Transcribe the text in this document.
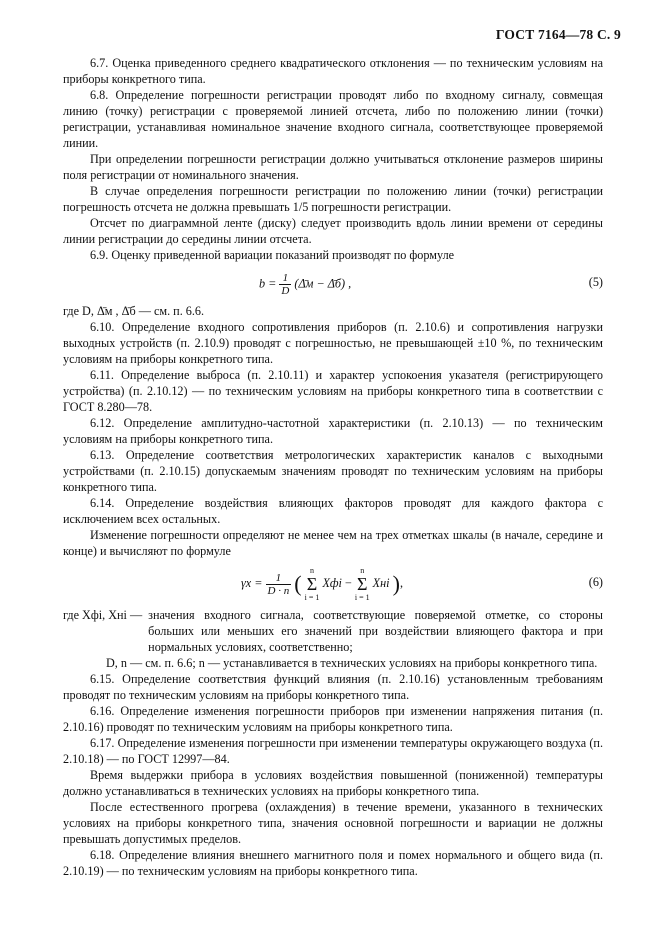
ГОСТ 7164—78 С. 9

6.7. Оценка приведенного среднего квадратического отклонения — по техническим условиям на приборы конкретного типа.

6.8. Определение погрешности регистрации проводят либо по входному сигналу, совмещая линию (точку) регистрации с проверяемой линией отсчета, либо по положению линии (точки) регистрации, устанавливая номинальное значение входного сигнала, соответствующее проверяемой линии.

При определении погрешности регистрации должно учитываться отклонение размеров ширины поля регистрации от номинального значения.

В случае определения погрешности регистрации по положению линии (точки) регистрации погрешность отсчета не должна превышать 1/5 погрешности регистрации.

Отсчет по диаграммной ленте (диску) следует производить вдоль линии времени от середины линии регистрации до середины линии отсчета.

6.9. Оценку приведенной вариации показаний производят по формуле

$b = \frac{1}{D}$ (Δ̄м − Δ̄б) ,	(5)

где D, Δ̄м , Δ̄б — см. п. 6.6.

6.10. Определение входного сопротивления приборов (п. 2.10.6) и сопротивления нагрузки выходных устройств (п. 2.10.9) проводят с погрешностью, не превышающей ±10 %, по техническим условиям на приборы конкретного типа.

6.11. Определение выброса (п. 2.10.11) и характер успокоения указателя (регистрирующего устройства) (п. 2.10.12) — по техническим условиям на приборы конкретного типа в соответствии с ГОСТ 8.280—78.

6.12. Определение амплитудно-частотной характеристики (п. 2.10.13) — по техническим условиям на приборы конкретного типа.

6.13. Определение соответствия метрологических характеристик каналов с выходными устройствами (п. 2.10.15) допускаемым значениям проводят по техническим условиям на приборы конкретного типа.

6.14. Определение воздействия влияющих факторов проводят для каждого фактора с исключением всех остальных.

Изменение погрешности определяют не менее чем на трех отметках шкалы (в начале, середине и конце) и вычисляют по формуле

$\gamma x = \frac{1}{D \cdot n}$ ( n
Σ
i = 1 Xфi − n
Σ
i = 1 Xнi ),	(6)
где Xфi, Xнi — значения входного сигнала, соответствующие поверяемой отметке, со стороны больших или меньших его значений при воздействии влияющего фактора и при нормальных условиях, соответственно;

D, n — см. п. 6.6; n — устанавливается в технических условиях на приборы конкретного типа.

6.15. Определение соответствия функций влияния (п. 2.10.16) установленным требованиям проводят по техническим условиям на приборы конкретного типа.

6.16. Определение изменения погрешности приборов при изменении напряжения питания (п. 2.10.16) проводят по техническим условиям на приборы конкретного типа.

6.17. Определение изменения погрешности при изменении температуры окружающего воздуха (п. 2.10.18) — по ГОСТ 12997—84.

Время выдержки прибора в условиях воздействия повышенной (пониженной) температуры должно устанавливаться в технических условиях на приборы конкретного типа.

После естественного прогрева (охлаждения) в течение времени, указанного в технических условиях на приборы конкретного типа, значения основной погрешности и вариации не должны превышать допустимых пределов.

6.18. Определение влияния внешнего магнитного поля и помех нормального и общего вида (п. 2.10.19) — по техническим условиям на приборы конкретного типа.
